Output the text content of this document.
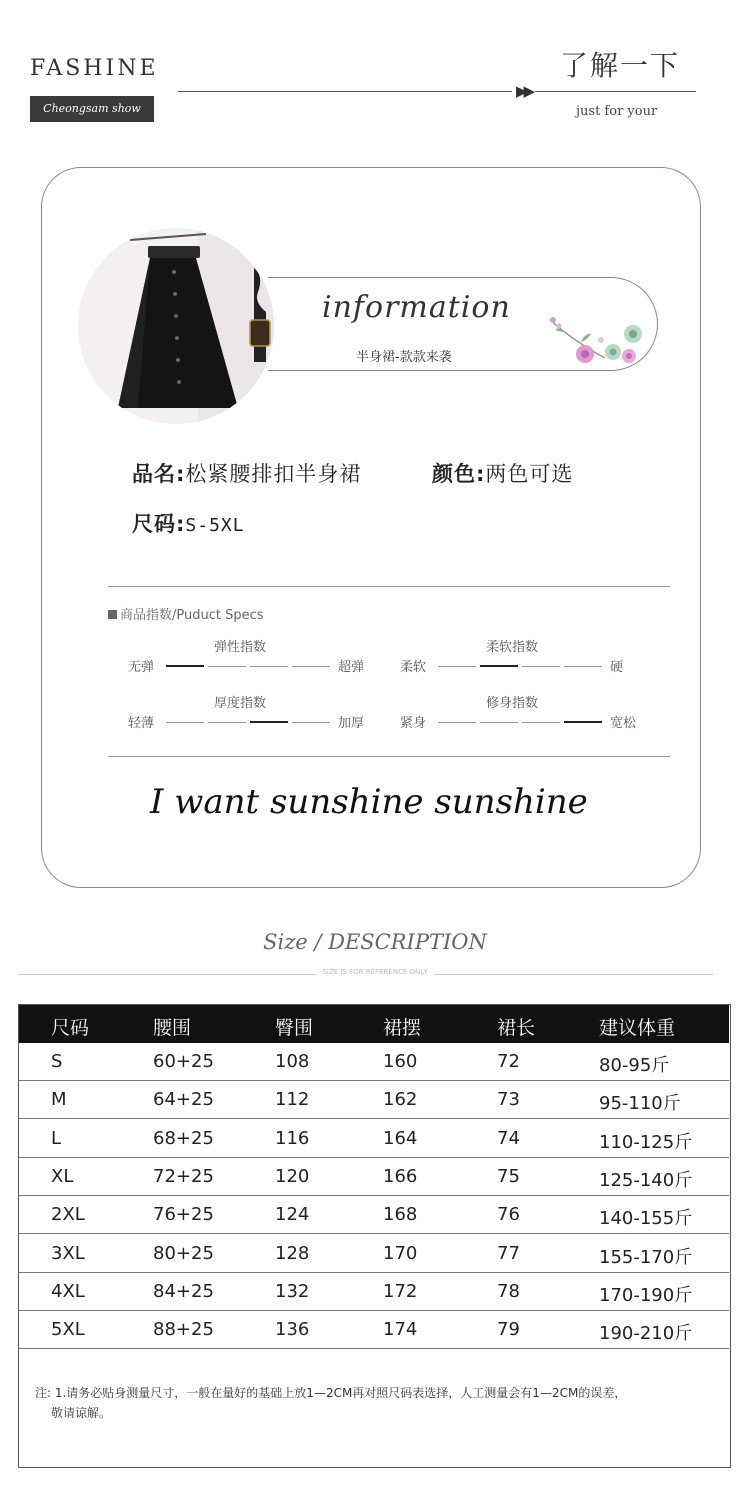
FASHINE
Cheongsam show
▶▶
了解一下
just for your
information
半身裙-款款来袭
品名:松紧腰排扣半身裙	颜色:两色可选
尺码:S-5XL
商品指数/Puduct Specs
弹性指数
无弹	超弹
柔软指数
柔软	硬
厚度指数
轻薄	加厚
修身指数
紧身	宽松
I want sunshine sunshine
Size / DESCRIPTION
SIZE IS FOR REFERENCE ONLY
尺码	腰围	臀围	裙摆	裙长	建议体重
S	60+25	108	160	72	80-95斤
M	64+25	112	162	73	95-110斤
L	68+25	116	164	74	110-125斤
XL	72+25	120	166	75	125-140斤
2XL	76+25	124	168	76	140-155斤
3XL	80+25	128	170	77	155-170斤
4XL	84+25	132	172	78	170-190斤
5XL	88+25	136	174	79	190-210斤
注: 1.请务必贴身测量尺寸，一般在量好的基础上放1—2CM再对照尺码表选择，人工测量会有1—2CM的误差，
敬请谅解。
